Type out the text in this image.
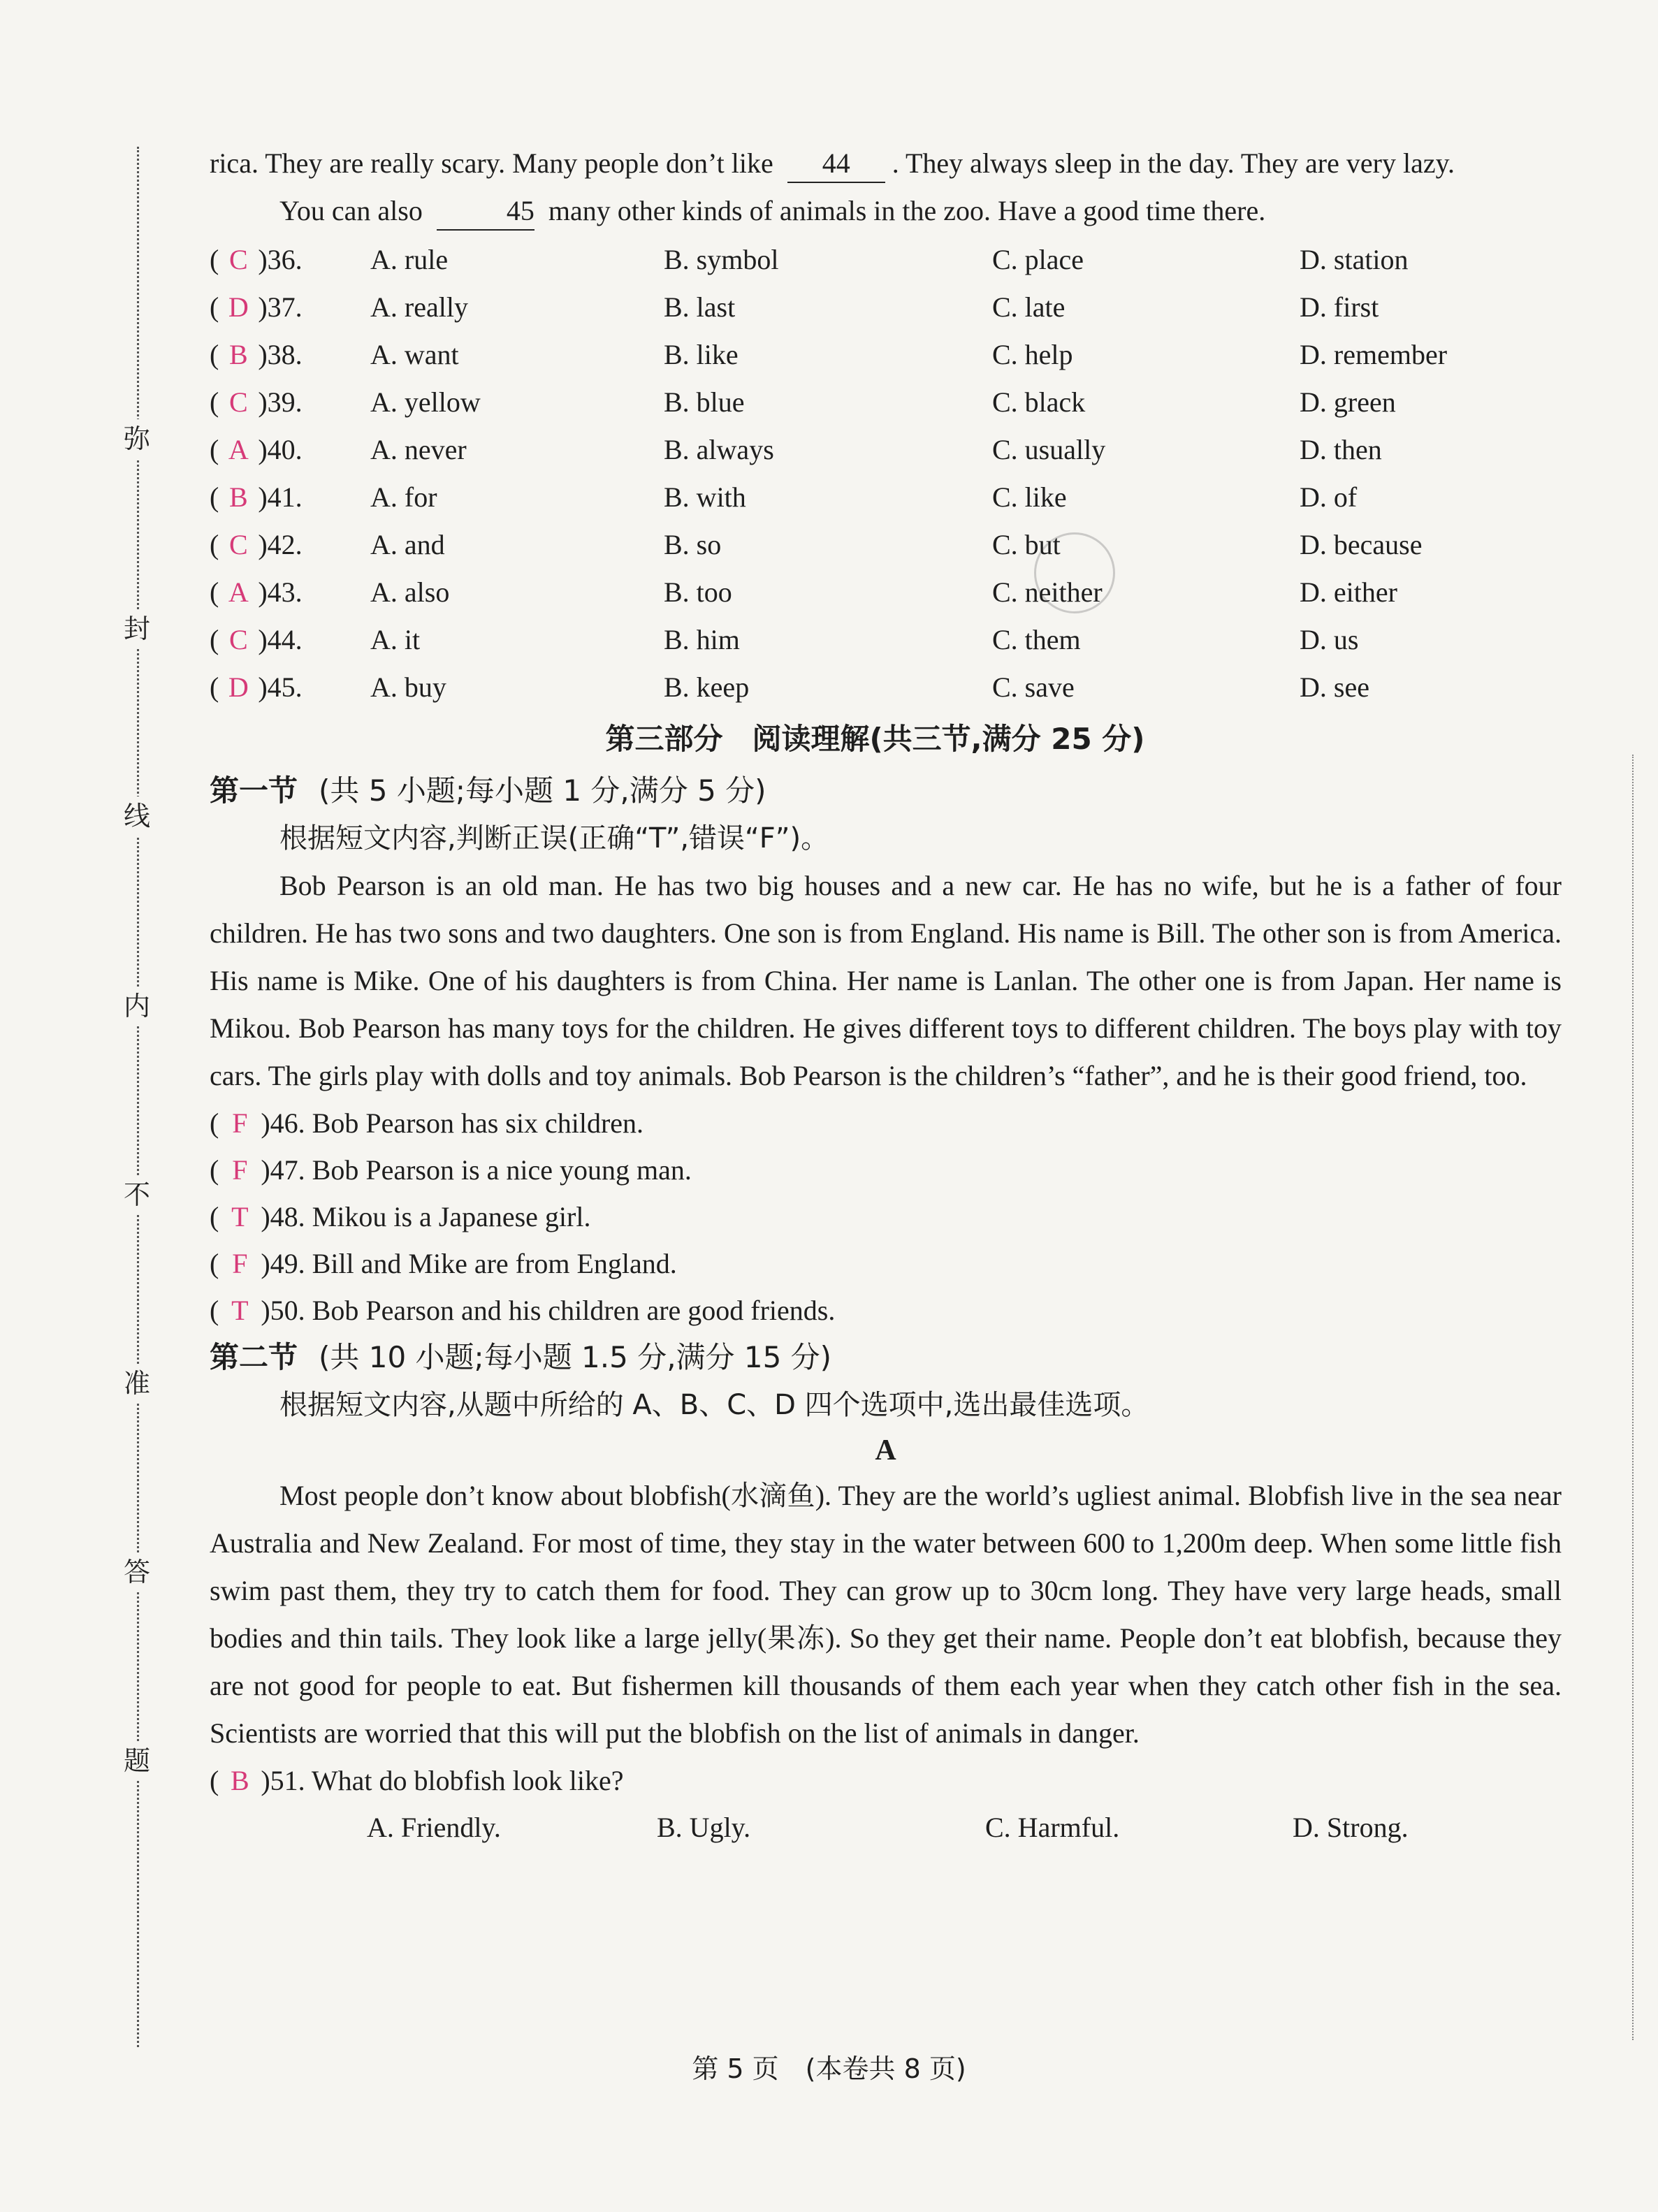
弥
封
线
内
不
准
答
题

rica. They are really scary. Many people don’t like 44 . They always sleep in the day. They are very lazy.

You can also	45 many other kinds of animals in the zoo. Have a good time there.

( C )36.	A. rule	B. symbol	C. place	D. station
( D )37.	A. really	B. last	C. late	D. first
( B )38.	A. want	B. like	C. help	D. remember
( C )39.	A. yellow	B. blue	C. black	D. green
( A )40.	A. never	B. always	C. usually	D. then
( B )41.	A. for	B. with	C. like	D. of
( C )42.	A. and	B. so	C. but	D. because
( A )43.	A. also	B. too	C. neither	D. either
( C )44.	A. it	B. him	C. them	D. us
( D )45.	A. buy	B. keep	C. save	D. see
第三部分　阅读理解(共三节,满分 25 分)
第一节 (共 5 小题;每小题 1 分,满分 5 分)

根据短文内容,判断正误(正确“T”,错误“F”)。

Bob Pearson is an old man. He has two big houses and a new car. He has no wife, but he is a father of four children. He has two sons and two daughters. One son is from England. His name is Bill. The other son is from America. His name is Mike. One of his daughters is from China. Her name is Lanlan. The other one is from Japan. Her name is Mikou. Bob Pearson has many toys for the children. He gives different toys to different children. The boys play with toy cars. The girls play with dolls and toy animals. Bob Pearson is the children’s “father”, and he is their good friend, too.

( F )46. Bob Pearson has six children.
( F )47. Bob Pearson is a nice young man.
( T )48. Mikou is a Japanese girl.
( F )49. Bill and Mike are from England.
( T )50. Bob Pearson and his children are good friends.
第二节 (共 10 小题;每小题 1.5 分,满分 15 分)

根据短文内容,从题中所给的 A、B、C、D 四个选项中,选出最佳选项。

A

Most people don’t know about blobfish(水滴鱼). They are the world’s ugliest animal. Blobfish live in the sea near Australia and New Zealand. For most of time, they stay in the water between 600 to 1,200m deep. When some little fish swim past them, they try to catch them for food. They can grow up to 30cm long. They have very large heads, small bodies and thin tails. They look like a large jelly(果冻). So they get their name. People don’t eat blobfish, because they are not good for people to eat. But fishermen kill thousands of them each year when they catch other fish in the sea. Scientists are worried that this will put the blobfish on the list of animals in danger.

( B )51. What do blobfish look like?
A. Friendly.	B. Ugly.	C. Harmful.	D. Strong.
第 5 页　(本卷共 8 页)
